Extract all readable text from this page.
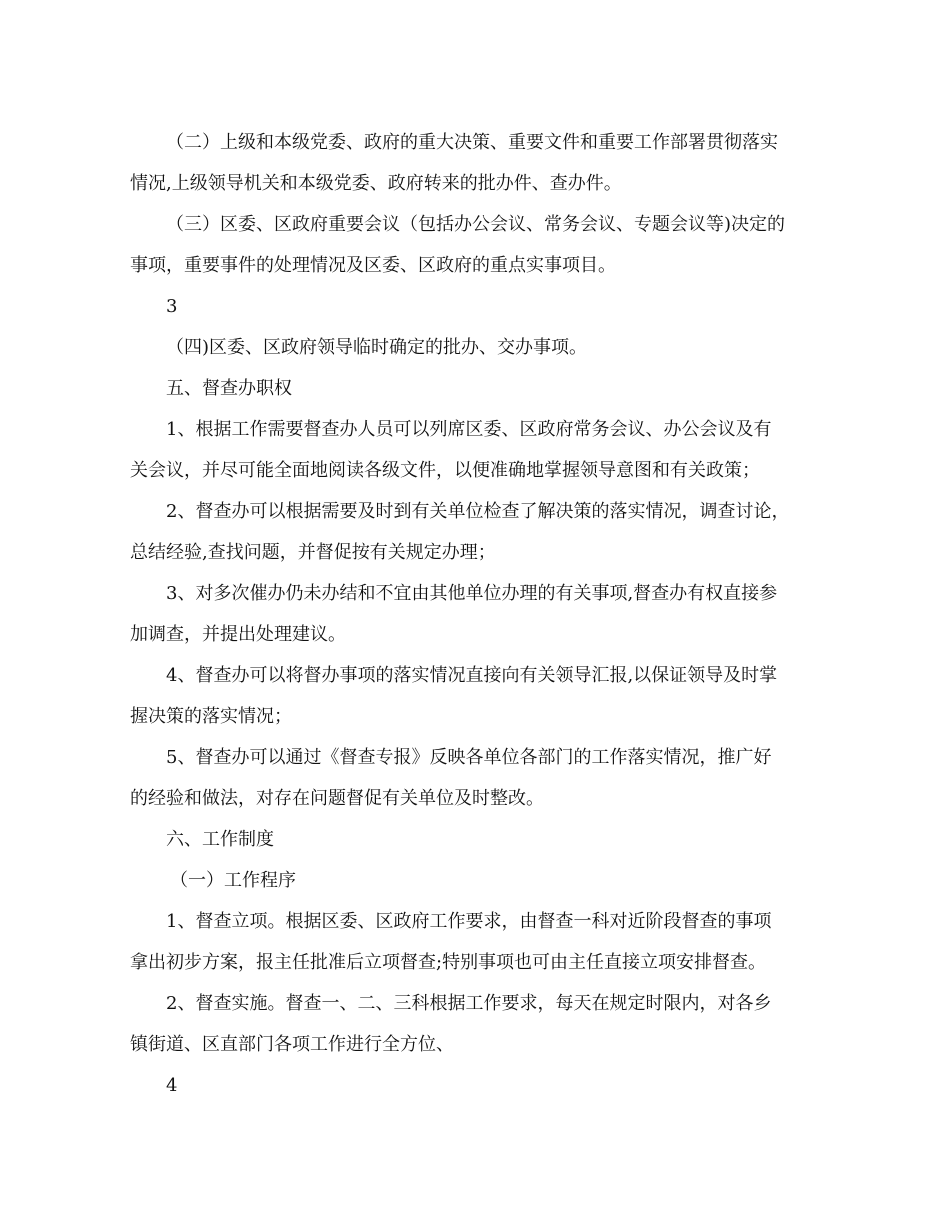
（二）上级和本级党委、政府的重大决策、重要文件和重要工作部署贯彻落实
情况,上级领导机关和本级党委、政府转来的批办件、查办件。
（三）区委、区政府重要会议（包括办公会议、常务会议、专题会议等)决定的
事项，重要事件的处理情况及区委、区政府的重点实事项目。
3
（四)区委、区政府领导临时确定的批办、交办事项。
五、督查办职权
1、根据工作需要督查办人员可以列席区委、区政府常务会议、办公会议及有
关会议，并尽可能全面地阅读各级文件，以便准确地掌握领导意图和有关政策；
2、督查办可以根据需要及时到有关单位检查了解决策的落实情况，调查讨论，
总结经验,查找问题，并督促按有关规定办理；
3、对多次催办仍未办结和不宜由其他单位办理的有关事项,督查办有权直接参
加调查，并提出处理建议。
4、督查办可以将督办事项的落实情况直接向有关领导汇报,以保证领导及时掌
握决策的落实情况；
5、督查办可以通过《督查专报》反映各单位各部门的工作落实情况，推广好
的经验和做法，对存在问题督促有关单位及时整改。
六、工作制度
（一）工作程序
1、督查立项。根据区委、区政府工作要求，由督查一科对近阶段督查的事项
拿出初步方案，报主任批准后立项督查;特别事项也可由主任直接立项安排督查。
2、督查实施。督查一、二、三科根据工作要求，每天在规定时限内，对各乡
镇街道、区直部门各项工作进行全方位、
4
